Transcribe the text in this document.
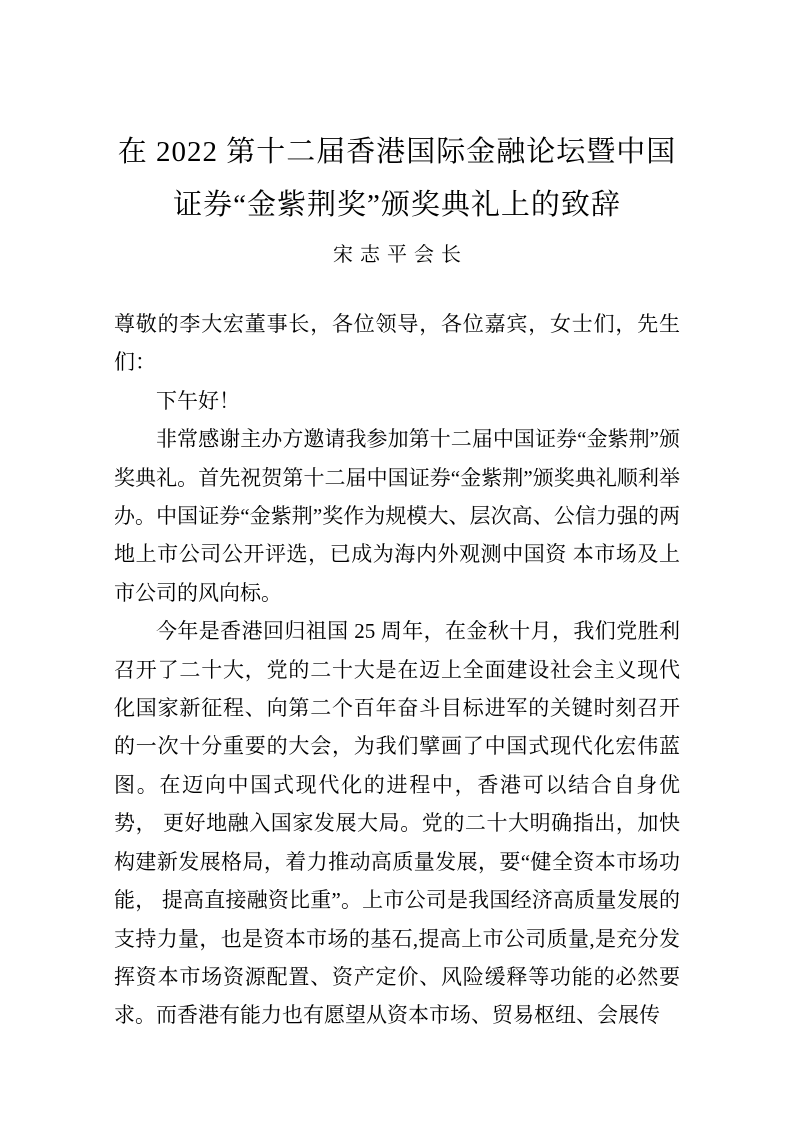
在 2022 第十二届香港国际金融论坛暨中国
证券“金紫荆奖”颁奖典礼上的致辞
宋志平会长

尊敬的李大宏董事长，各位领导，各位嘉宾，女士们，先生们：

下午好！

非常感谢主办方邀请我参加第十二届中国证券“金紫荆”颁奖典礼。首先祝贺第十二届中国证券“金紫荆”颁奖典礼顺利举办。中国证券“金紫荆”奖作为规模大、层次高、公信力强的两地上市公司公开评选，已成为海内外观测中国资 本市场及上市公司的风向标。

今年是香港回归祖国 25 周年，在金秋十月，我们党胜利召开了二十大，党的二十大是在迈上全面建设社会主义现代化国家新征程、向第二个百年奋斗目标进军的关键时刻召开的一次十分重要的大会，为我们擘画了中国式现代化宏伟蓝图。在迈向中国式现代化的进程中，香港可以结合自身优势， 更好地融入国家发展大局。党的二十大明确指出，加快构建新发展格局，着力推动高质量发展，要“健全资本市场功能， 提高直接融资比重”。上市公司是我国经济高质量发展的支持力量，也是资本市场的基石,提高上市公司质量,是充分发挥资本市场资源配置、资产定价、风险缓释等功能的必然要求。而香港有能力也有愿望从资本市场、贸易枢纽、会展传
